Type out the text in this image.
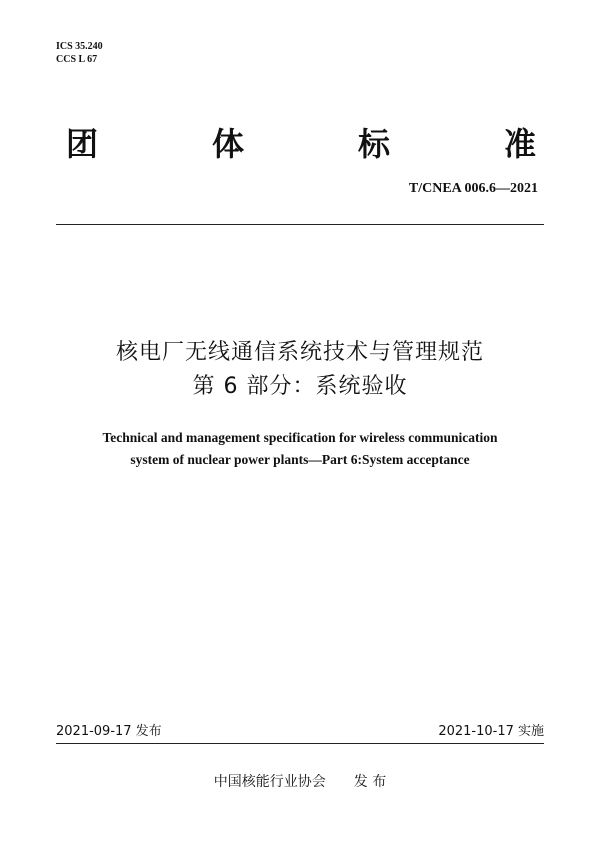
ICS 35.240
CCS L 67
团	体	标	准
T/CNEA 006.6—2021
核电厂无线通信系统技术与管理规范
第 6 部分：系统验收
Technical and management specification for wireless communication
system of nuclear power plants—Part 6:System acceptance
2021-09-17 发布	2021-10-17 实施
中国核能行业协会 发 布
